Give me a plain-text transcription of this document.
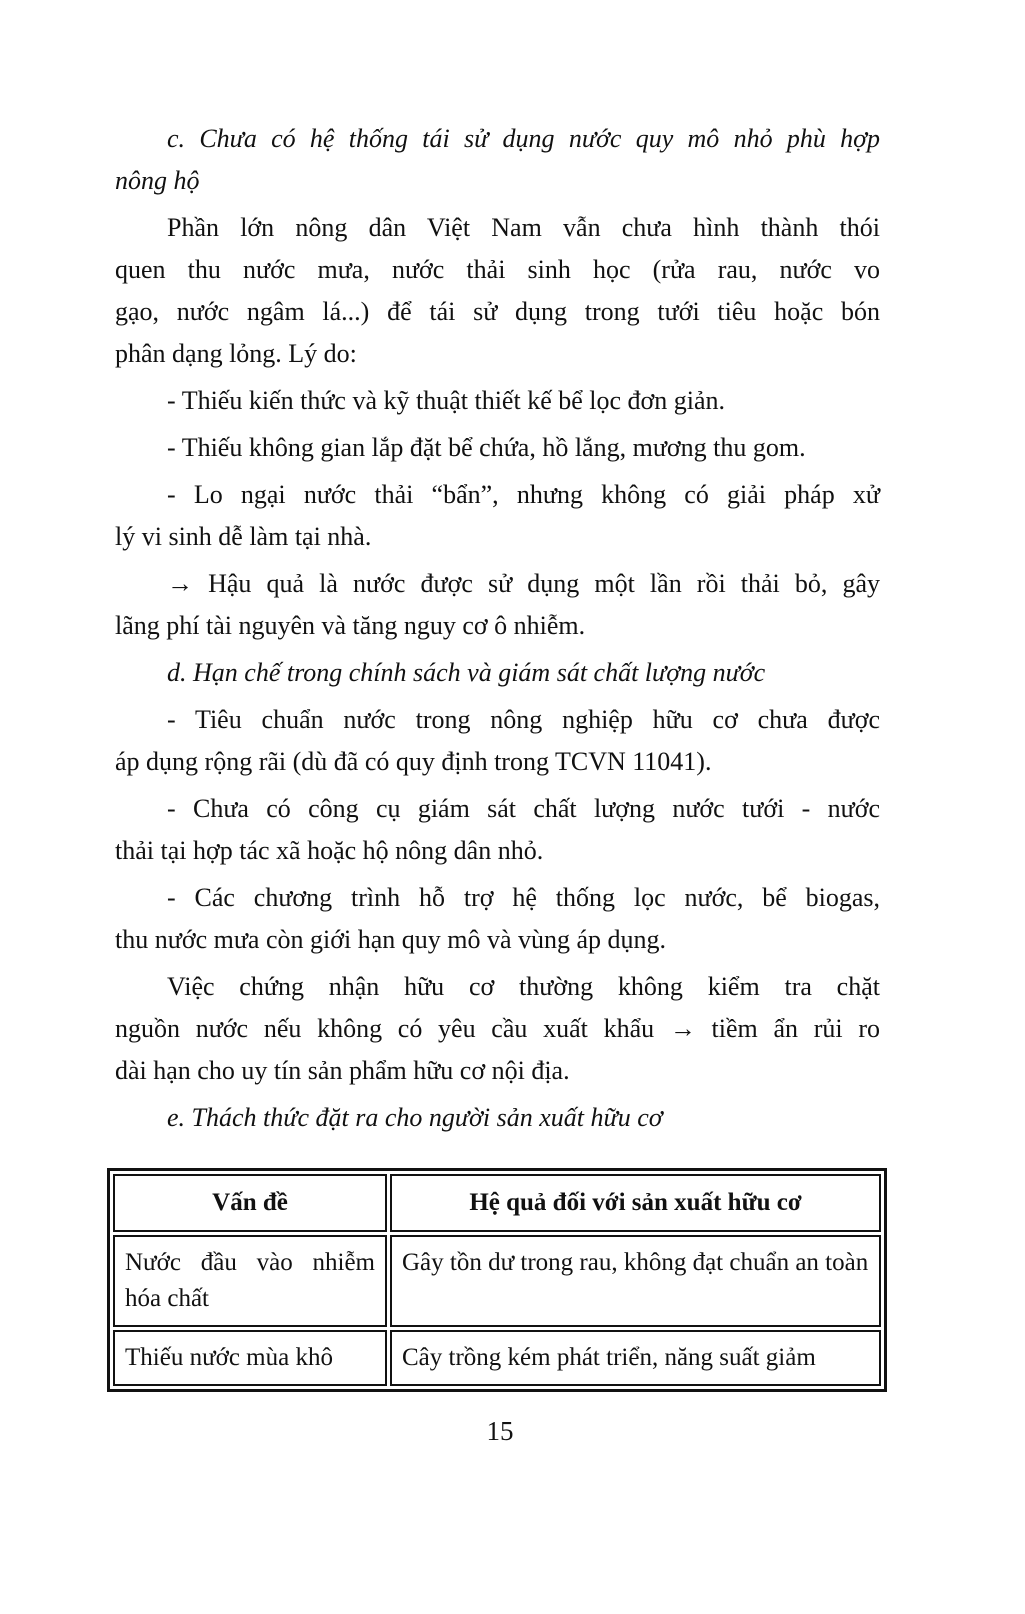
c. Chưa có hệ thống tái sử dụng nước quy mô nhỏ phù hợp
nông hộ
Phần lớn nông dân Việt Nam vẫn chưa hình thành thói
quen thu nước mưa, nước thải sinh học (rửa rau, nước vo
gạo, nước ngâm lá...) để tái sử dụng trong tưới tiêu hoặc bón
phân dạng lỏng. Lý do:
- Thiếu kiến thức và kỹ thuật thiết kế bể lọc đơn giản.
- Thiếu không gian lắp đặt bể chứa, hồ lắng, mương thu gom.
- Lo ngại nước thải “bẩn”, nhưng không có giải pháp xử
lý vi sinh dễ làm tại nhà.
→ Hậu quả là nước được sử dụng một lần rồi thải bỏ, gây
lãng phí tài nguyên và tăng nguy cơ ô nhiễm.
d. Hạn chế trong chính sách và giám sát chất lượng nước
- Tiêu chuẩn nước trong nông nghiệp hữu cơ chưa được
áp dụng rộng rãi (dù đã có quy định trong TCVN 11041).
- Chưa có công cụ giám sát chất lượng nước tưới - nước
thải tại hợp tác xã hoặc hộ nông dân nhỏ.
- Các chương trình hỗ trợ hệ thống lọc nước, bể biogas,
thu nước mưa còn giới hạn quy mô và vùng áp dụng.
Việc chứng nhận hữu cơ thường không kiểm tra chặt
nguồn nước nếu không có yêu cầu xuất khẩu → tiềm ẩn rủi ro
dài hạn cho uy tín sản phẩm hữu cơ nội địa.
e. Thách thức đặt ra cho người sản xuất hữu cơ
Vấn đề	Hệ quả đối với sản xuất hữu cơ
Nước đầu vào nhiễm hóa chất	Gây tồn dư trong rau, không đạt chuẩn an toàn
Thiếu nước mùa khô	Cây trồng kém phát triển, năng suất giảm
15
